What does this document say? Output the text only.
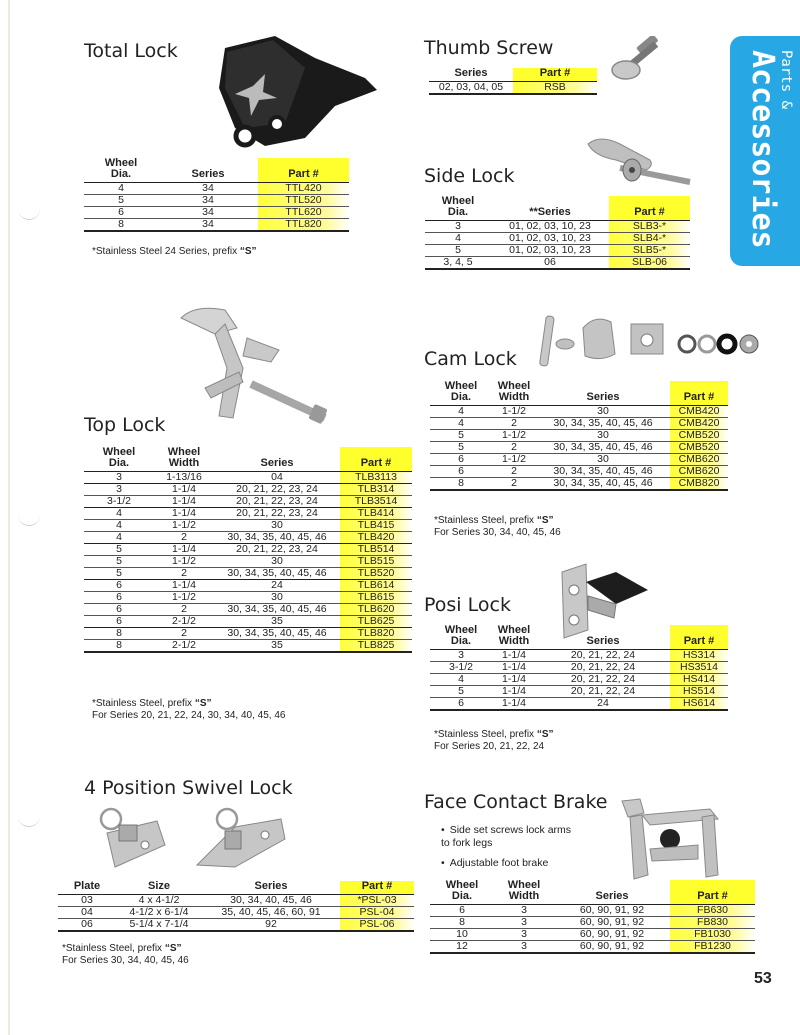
Parts &
Accessories
Total Lock
Wheel
Dia.	Series	Part #
4	34	TTL420
5	34	TTL520
6	34	TTL620
8	34	TTL820
*Stainless Steel 24 Series, prefix “S”
Thumb Screw
Series	Part #
02, 03, 04, 05	RSB
Side Lock
Wheel
Dia.	**Series	Part #
3	01, 02, 03, 10, 23	SLB3-*
4	01, 02, 03, 10, 23	SLB4-*
5	01, 02, 03, 10, 23	SLB5-*
3, 4, 5	06	SLB-06
Cam Lock
Wheel
Dia.	Wheel
Width	Series	Part #
4	1-1/2	30	CMB420
4	2	30, 34, 35, 40, 45, 46	CMB420
5	1-1/2	30	CMB520
5	2	30, 34, 35, 40, 45, 46	CMB520
6	1-1/2	30	CMB620
6	2	30, 34, 35, 40, 45, 46	CMB620
8	2	30, 34, 35, 40, 45, 46	CMB820
*Stainless Steel, prefix “S”
For Series 30, 34, 40, 45, 46
Top Lock
Wheel
Dia.	Wheel
Width	Series	Part #
3	1-13/16	04	TLB3113
3	1-1/4	20, 21, 22, 23, 24	TLB314
3-1/2	1-1/4	20, 21, 22, 23, 24	TLB3514
4	1-1/4	20, 21, 22, 23, 24	TLB414
4	1-1/2	30	TLB415
4	2	30, 34, 35, 40, 45, 46	TLB420
5	1-1/4	20, 21, 22, 23, 24	TLB514
5	1-1/2	30	TLB515
5	2	30, 34, 35, 40, 45, 46	TLB520
6	1-1/4	24	TLB614
6	1-1/2	30	TLB615
6	2	30, 34, 35, 40, 45, 46	TLB620
6	2-1/2	35	TLB625
8	2	30, 34, 35, 40, 45, 46	TLB820
8	2-1/2	35	TLB825
*Stainless Steel, prefix “S”
For Series 20, 21, 22, 24, 30, 34, 40, 45, 46
Posi Lock
Wheel
Dia.	Wheel
Width	Series	Part #
3	1-1/4	20, 21, 22, 24	HS314
3-1/2	1-1/4	20, 21, 22, 24	HS3514
4	1-1/4	20, 21, 22, 24	HS414
5	1-1/4	20, 21, 22, 24	HS514
6	1-1/4	24	HS614
*Stainless Steel, prefix “S”
For Series 20, 21, 22, 24
4 Position Swivel Lock
Plate	Size	Series	Part #
03	4 x 4-1/2	30, 34, 40, 45, 46	*PSL-03
04	4-1/2 x 6-1/4	35, 40, 45, 46, 60, 91	PSL-04
06	5-1/4 x 7-1/4	92	PSL-06
*Stainless Steel, prefix “S”
For Series 30, 34, 40, 45, 46
Face Contact Brake
• Side set screws lock arms
to fork legs
• Adjustable foot brake
Wheel
Dia.	Wheel
Width	Series	Part #
6	3	60, 90, 91, 92	FB630
8	3	60, 90, 91, 92	FB830
10	3	60, 90, 91, 92	FB1030
12	3	60, 90, 91, 92	FB1230
53
